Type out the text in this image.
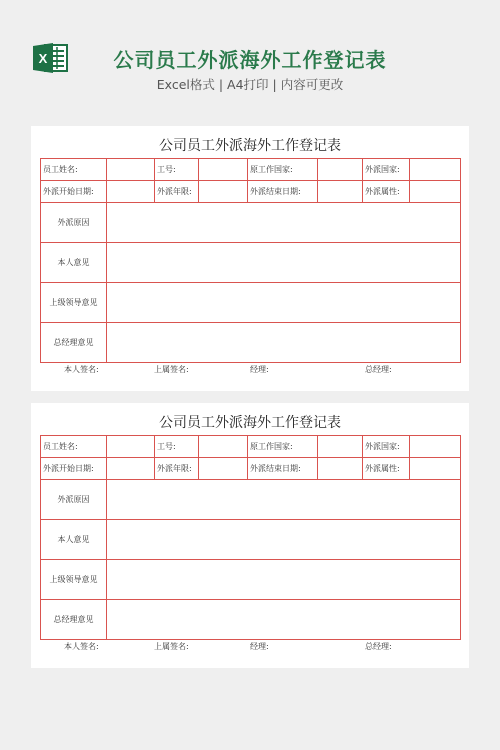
X	公司员工外派海外工作登记表
Excel格式 | A4打印 | 内容可更改
公司员工外派海外工作登记表
员工姓名:		工号:		原工作国家:		外派国家:	
外派开始日期:		外派年限:		外派结束日期:		外派属性:	
外派原因							
本人意见							
上级领导意见							
总经理意见							
本人签名:	上属签名:	经理:	总经理:
公司员工外派海外工作登记表
员工姓名:		工号:		原工作国家:		外派国家:	
外派开始日期:		外派年限:		外派结束日期:		外派属性:	
外派原因							
本人意见							
上级领导意见							
总经理意见							
本人签名:	上属签名:	经理:	总经理:
